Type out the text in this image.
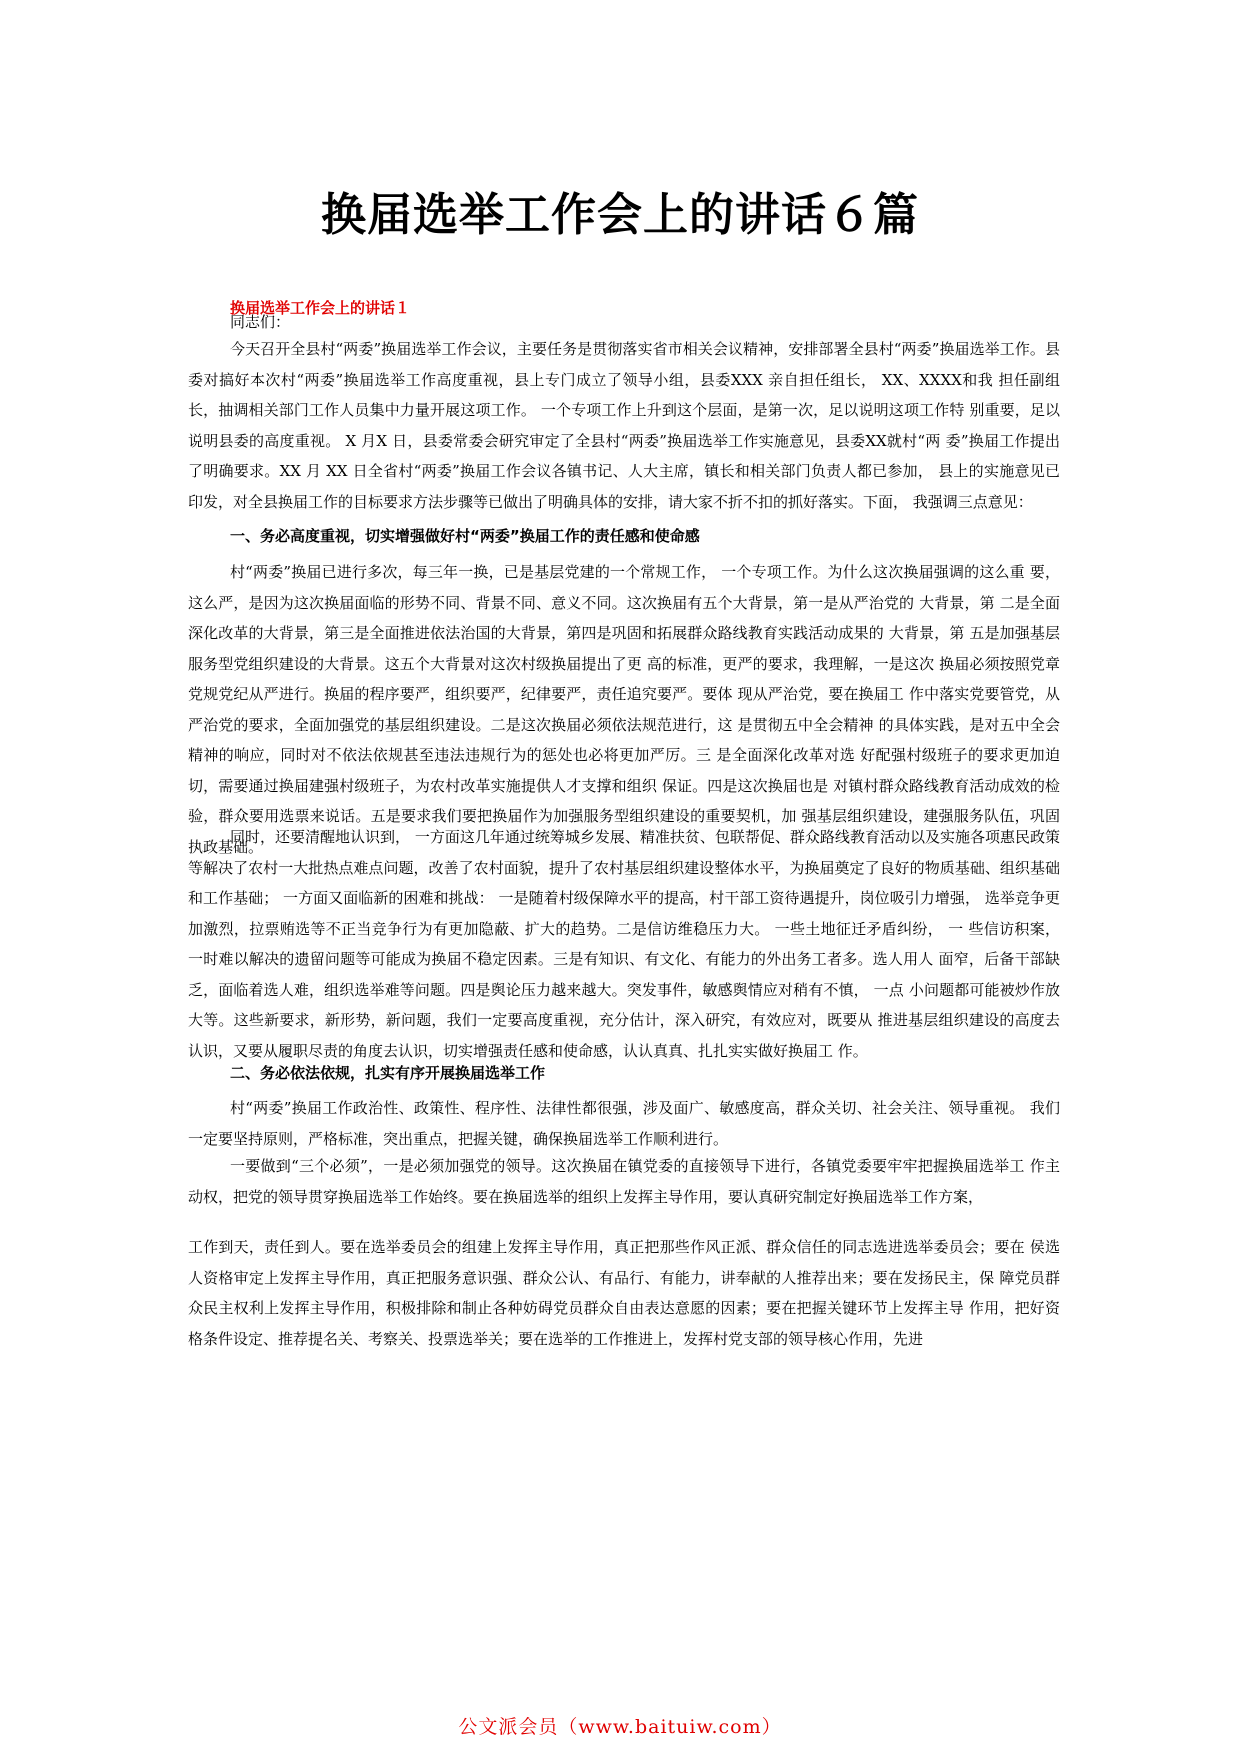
换届选举工作会上的讲话６篇
换届选举工作会上的讲话１

同志们：

今天召开全县村“两委”换届选举工作会议，主要任务是贯彻落实省市相关会议精神，安排部署全县村“两委”换届选举工作。县委对搞好本次村“两委”换届选举工作高度重视，县上专门成立了领导小组，县委XXX 亲自担任组长， XX、XXXX和我 担任副组长，抽调相关部门工作人员集中力量开展这项工作。 一个专项工作上升到这个层面，是第一次，足以说明这项工作特 别重要，足以说明县委的高度重视。 X 月X 日，县委常委会研究审定了全县村“两委”换届选举工作实施意见，县委XX就村“两 委”换届工作提出了明确要求。XX 月 XX 日全省村“两委”换届工作会议各镇书记、人大主席，镇长和相关部门负责人都已参加， 县上的实施意见已印发，对全县换届工作的目标要求方法步骤等已做出了明确具体的安排，请大家不折不扣的抓好落实。下面， 我强调三点意见：

一、务必高度重视，切实增强做好村“两委”换届工作的责任感和使命感

村“两委”换届已进行多次，每三年一换，已是基层党建的一个常规工作， 一个专项工作。为什么这次换届强调的这么重 要，这么严，是因为这次换届面临的形势不同、背景不同、意义不同。这次换届有五个大背景，第一是从严治党的 大背景，第 二是全面深化改革的大背景，第三是全面推进依法治国的大背景，第四是巩固和拓展群众路线教育实践活动成果的 大背景，第 五是加强基层服务型党组织建设的大背景。这五个大背景对这次村级换届提出了更 高的标准，更严的要求，我理解，一是这次 换届必须按照党章党规党纪从严进行。换届的程序要严，组织要严，纪律要严，责任追究要严。要体 现从严治党，要在换届工 作中落实党要管党，从严治党的要求，全面加强党的基层组织建设。二是这次换届必须依法规范进行，这 是贯彻五中全会精神 的具体实践，是对五中全会精神的响应，同时对不依法依规甚至违法违规行为的惩处也必将更加严厉。三 是全面深化改革对选 好配强村级班子的要求更加迫切，需要通过换届建强村级班子，为农村改革实施提供人才支撑和组织 保证。四是这次换届也是 对镇村群众路线教育活动成效的检验，群众要用选票来说话。五是要求我们要把换届作为加强服务型组织建设的重要契机，加 强基层组织建设，建强服务队伍，巩固执政基础。

同时，还要清醒地认识到， 一方面这几年通过统筹城乡发展、精准扶贫、包联帮促、群众路线教育活动以及实施各项惠民政策等解决了农村一大批热点难点问题，改善了农村面貌，提升了农村基层组织建设整体水平，为换届奠定了良好的物质基础、组织基础和工作基础； 一方面又面临新的困难和挑战： 一是随着村级保障水平的提高，村干部工资待遇提升，岗位吸引力增强， 选举竞争更加激烈，拉票贿选等不正当竞争行为有更加隐蔽、扩大的趋势。二是信访维稳压力大。 一些土地征迁矛盾纠纷， 一 些信访积案， 一时难以解决的遗留问题等可能成为换届不稳定因素。三是有知识、有文化、有能力的外出务工者多。选人用人 面窄，后备干部缺乏，面临着选人难，组织选举难等问题。四是舆论压力越来越大。突发事件，敏感舆情应对稍有不慎， 一点 小问题都可能被炒作放大等。这些新要求，新形势，新问题，我们一定要高度重视，充分估计，深入研究，有效应对，既要从 推进基层组织建设的高度去认识，又要从履职尽责的角度去认识，切实增强责任感和使命感，认认真真、扎扎实实做好换届工 作。

二、务必依法依规，扎实有序开展换届选举工作

村“两委”换届工作政治性、政策性、程序性、法律性都很强，涉及面广、敏感度高，群众关切、社会关注、领导重视。 我们一定要坚持原则，严格标准，突出重点，把握关键，确保换届选举工作顺利进行。

一要做到“三个必须”，一是必须加强党的领导。这次换届在镇党委的直接领导下进行，各镇党委要牢牢把握换届选举工 作主动权，把党的领导贯穿换届选举工作始终。要在换届选举的组织上发挥主导作用，要认真研究制定好换届选举工作方案，

工作到天，责任到人。要在选举委员会的组建上发挥主导作用，真正把那些作风正派、群众信任的同志选进选举委员会；要在 侯选人资格审定上发挥主导作用，真正把服务意识强、群众公认、有品行、有能力，讲奉献的人推荐出来；要在发扬民主，保 障党员群众民主权利上发挥主导作用，积极排除和制止各种妨碍党员群众自由表达意愿的因素；要在把握关键环节上发挥主导 作用，把好资格条件设定、推荐提名关、考察关、投票选举关；要在选举的工作推进上，发挥村党支部的领导核心作用，先进

公文派会员（www.baituiw.com）
